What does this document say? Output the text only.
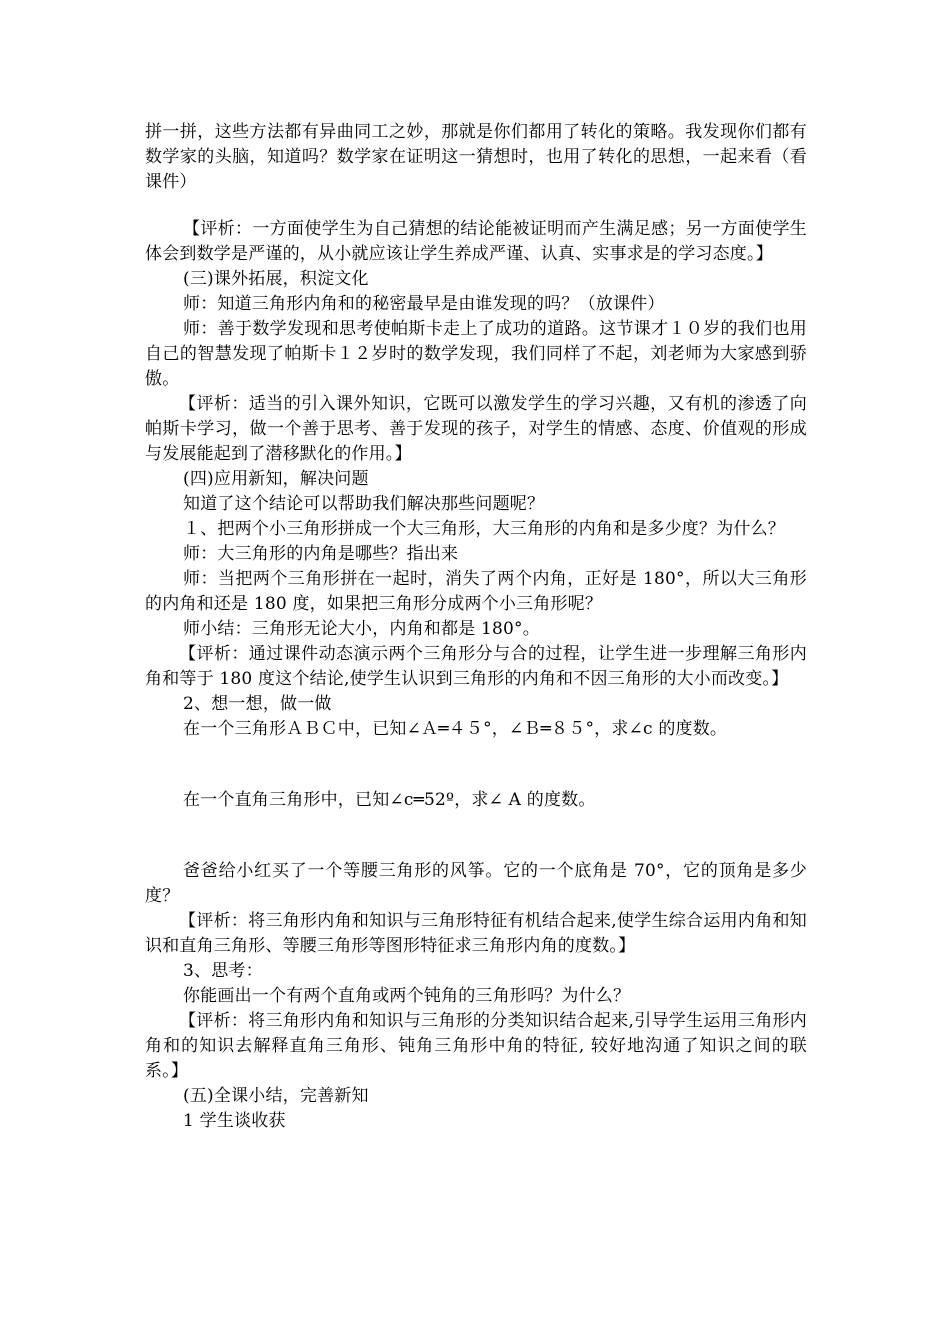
拼一拼，这些方法都有异曲同工之妙，那就是你们都用了转化的策略。我发现你们都有数学家的头脑，知道吗？数学家在证明这一猜想时，也用了转化的思想，一起来看（看课件）

【评析：一方面使学生为自己猜想的结论能被证明而产生满足感；另一方面使学生体会到数学是严谨的，从小就应该让学生养成严谨、认真、实事求是的学习态度。】

(三)课外拓展，积淀文化

师：知道三角形内角和的秘密最早是由谁发现的吗？（放课件）

师：善于数学发现和思考使帕斯卡走上了成功的道路。这节课才１０岁的我们也用自己的智慧发现了帕斯卡１２岁时的数学发现，我们同样了不起，刘老师为大家感到骄傲。

【评析：适当的引入课外知识，它既可以激发学生的学习兴趣，又有机的渗透了向帕斯卡学习，做一个善于思考、善于发现的孩子，对学生的情感、态度、价值观的形成与发展能起到了潜移默化的作用。】

(四)应用新知，解决问题

知道了这个结论可以帮助我们解决那些问题呢？

１、把两个小三角形拼成一个大三角形，大三角形的内角和是多少度？为什么？

师：大三角形的内角是哪些？指出来

师：当把两个三角形拼在一起时，消失了两个内角，正好是 180°，所以大三角形的内角和还是 180 度，如果把三角形分成两个小三角形呢？

师小结：三角形无论大小，内角和都是 180°。

【评析：通过课件动态演示两个三角形分与合的过程，让学生进一步理解三角形内角和等于 180 度这个结论,使学生认识到三角形的内角和不因三角形的大小而改变。】

2、想一想，做一做

在一个三角形ＡＢＣ中，已知∠Ａ═４５°，∠Ｂ═８５°，求∠c 的度数。

在一个直角三角形中，已知∠c═52º，求∠ A 的度数。

爸爸给小红买了一个等腰三角形的风筝。它的一个底角是 70°，它的顶角是多少度？

【评析：将三角形内角和知识与三角形特征有机结合起来,使学生综合运用内角和知识和直角三角形、等腰三角形等图形特征求三角形内角的度数。】

3、思考：

你能画出一个有两个直角或两个钝角的三角形吗？为什么？

【评析：将三角形内角和知识与三角形的分类知识结合起来,引导学生运用三角形内角和的知识去解释直角三角形、钝角三角形中角的特征, 较好地沟通了知识之间的联系。】

(五)全课小结，完善新知

1 学生谈收获
